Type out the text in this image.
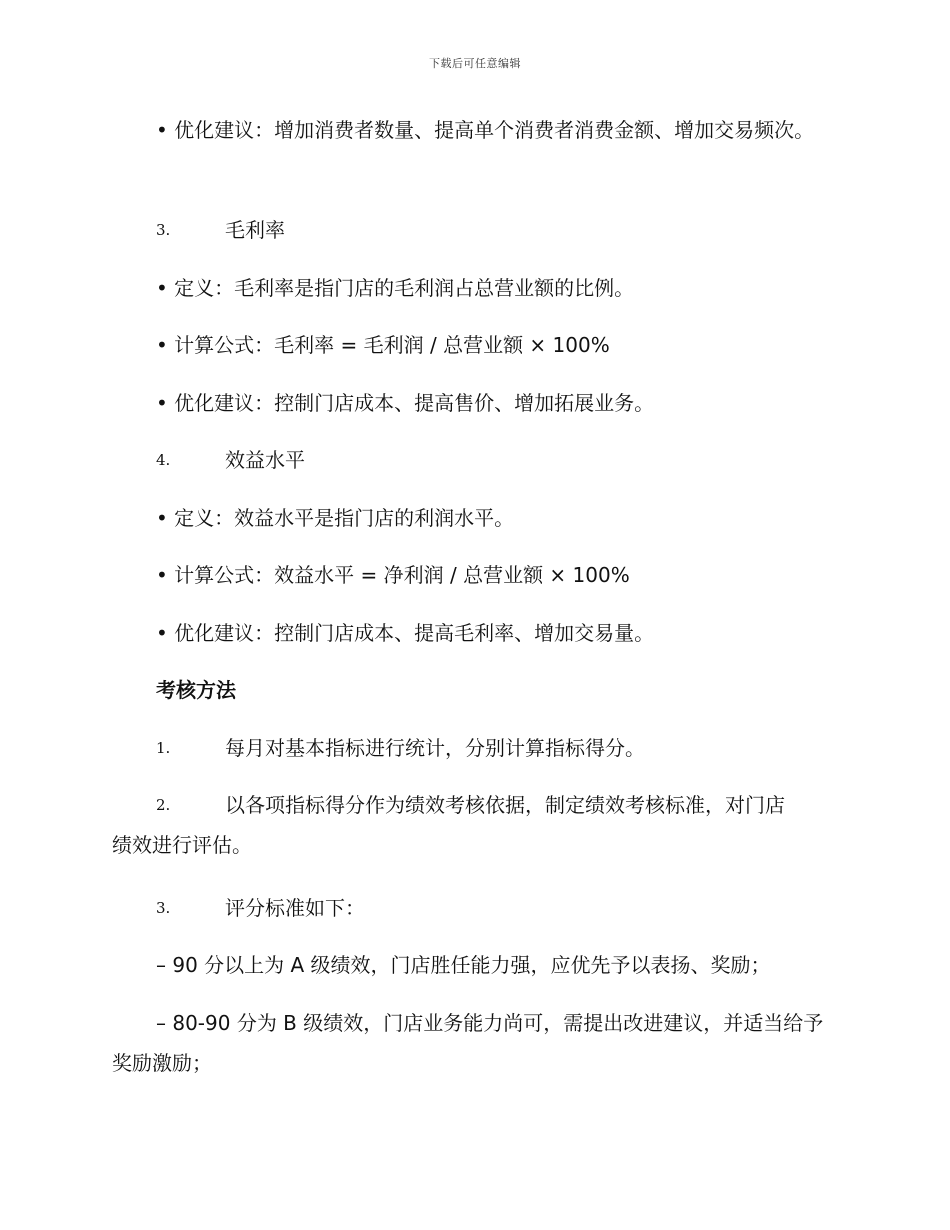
下载后可任意编辑

• 优化建议：增加消费者数量、提高单个消费者消费金额、增加交易频次。

3.	毛利率

• 定义：毛利率是指门店的毛利润占总营业额的比例。

• 计算公式：毛利率 = 毛利润 / 总营业额 × 100%

• 优化建议：控制门店成本、提高售价、增加拓展业务。

4.	效益水平

• 定义：效益水平是指门店的利润水平。

• 计算公式：效益水平 = 净利润 / 总营业额 × 100%

• 优化建议：控制门店成本、提高毛利率、增加交易量。

考核方法

1.	每月对基本指标进行统计，分别计算指标得分。
2.	以各项指标得分作为绩效考核依据，制定绩效考核标准，对门店
绩效进行评估。
3.	评分标准如下：

– 90 分以上为 A 级绩效，门店胜任能力强，应优先予以表扬、奖励；

– 80-90 分为 B 级绩效，门店业务能力尚可，需提出改进建议，并适当给予奖励激励；
